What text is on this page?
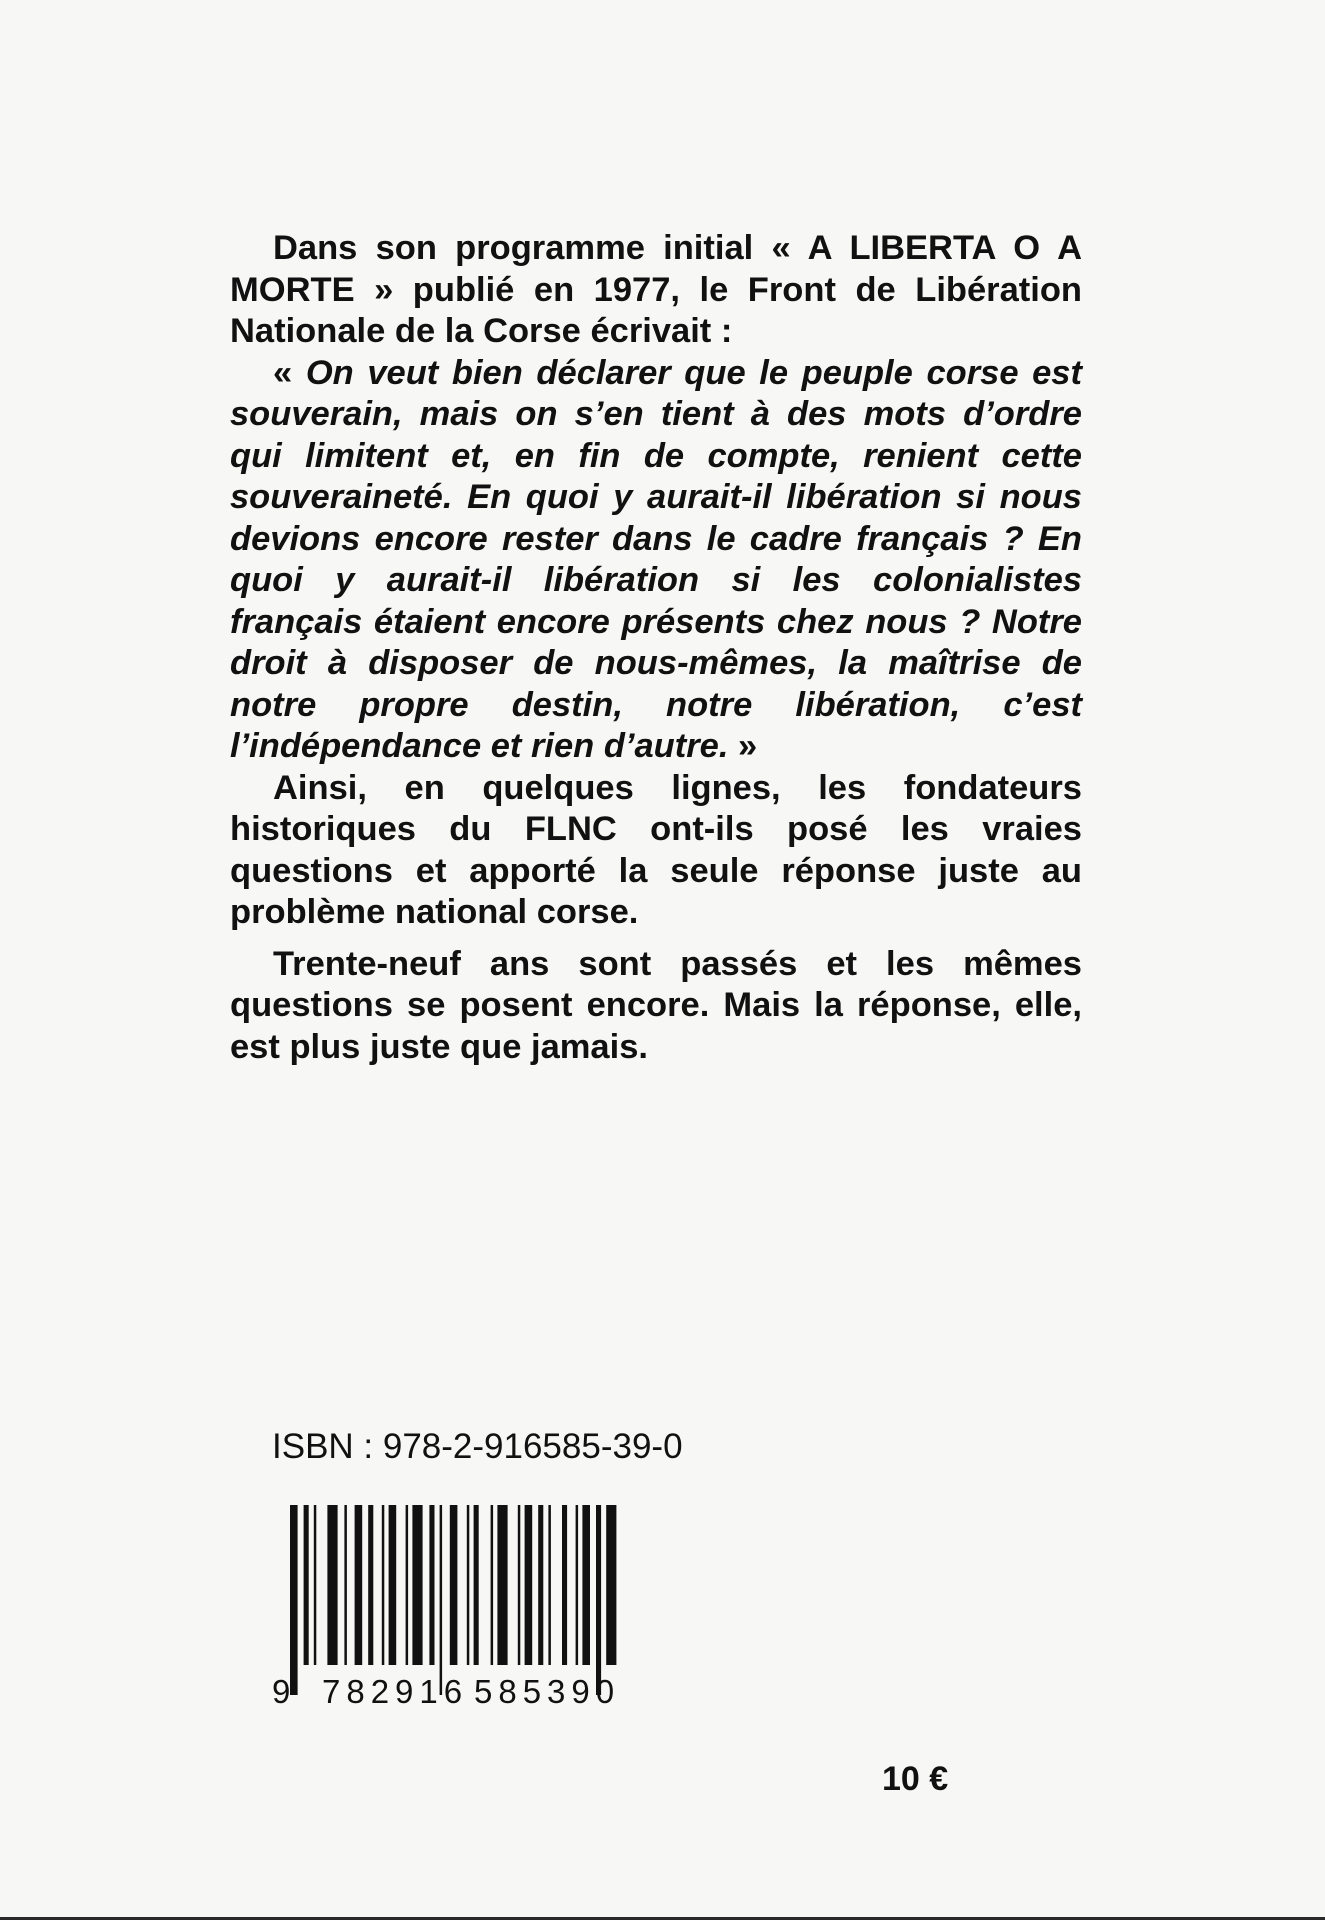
Dans son programme initial « A LIBERTA O A MORTE » publié en 1977, le Front de Libération Nationale de la Corse écrivait :

« On veut bien déclarer que le peuple corse est souverain, mais on s’en tient à des mots d’ordre qui limitent et, en fin de compte, renient cette souveraineté. En quoi y aurait-il libération si nous devions encore rester dans le cadre français ? En quoi y aurait-il libération si les colonialistes français étaient encore présents chez nous ? Notre droit à disposer de nous-mêmes, la maîtrise de notre propre destin, notre libération, c’est l’indépendance et rien d’autre. »

Ainsi, en quelques lignes, les fondateurs historiques du FLNC ont-ils posé les vraies questions et apporté la seule réponse juste au problème national corse.

Trente-neuf ans sont passés et les mêmes questions se posent encore. Mais la réponse, elle, est plus juste que jamais.

ISBN : 978-2-916585-39-0
9 782916 585390
10 €
